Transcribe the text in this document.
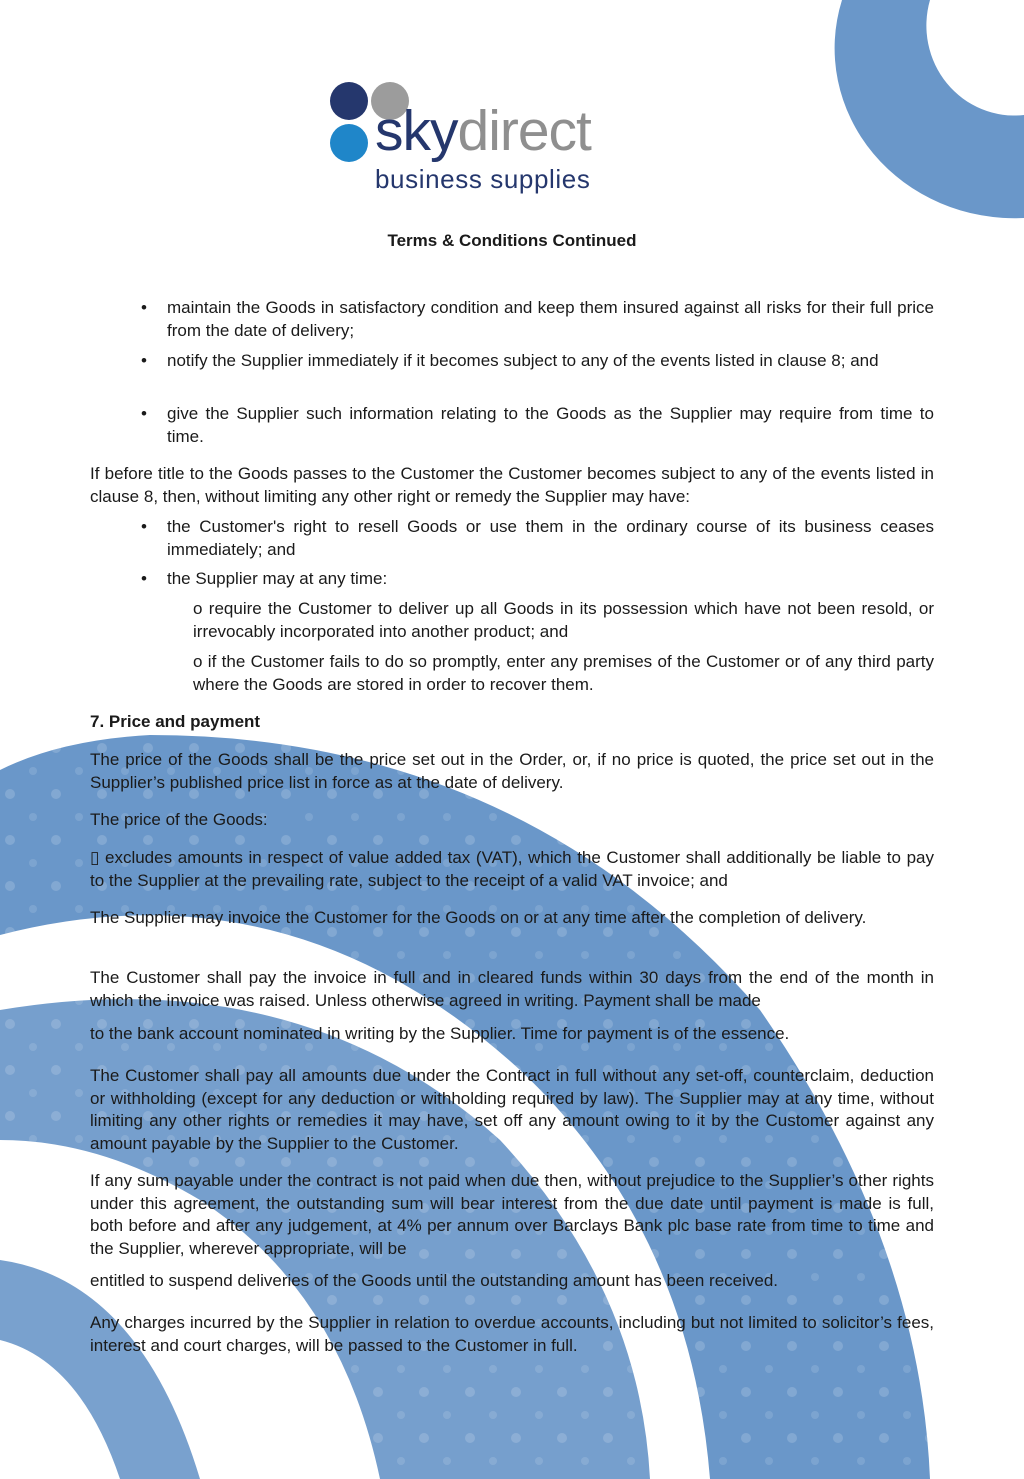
skydirect
business supplies
Terms & Conditions Continued
• maintain the Goods in satisfactory condition and keep them insured against all risks for their full price from the date of delivery;
• notify the Supplier immediately if it becomes subject to any of the events listed in clause 8; and
• give the Supplier such information relating to the Goods as the Supplier may require from time to time.
If before title to the Goods passes to the Customer the Customer becomes subject to any of the events listed in clause 8, then, without limiting any other right or remedy the Supplier may have:
• the Customer's right to resell Goods or use them in the ordinary course of its business ceases immediately; and
• the Supplier may at any time:
o require the Customer to deliver up all Goods in its possession which have not been resold, or irrevocably incorporated into another product; and
o if the Customer fails to do so promptly, enter any premises of the Customer or of any third party where the Goods are stored in order to recover them.
7. Price and payment
The price of the Goods shall be the price set out in the Order, or, if no price is quoted, the price set out in the Supplier’s published price list in force as at the date of delivery.
The price of the Goods:
▯ excludes amounts in respect of value added tax (VAT), which the Customer shall additionally be liable to pay to the Supplier at the prevailing rate, subject to the receipt of a valid VAT invoice; and
The Supplier may invoice the Customer for the Goods on or at any time after the completion of delivery.
The Customer shall pay the invoice in full and in cleared funds within 30 days from the end of the month in which the invoice was raised. Unless otherwise agreed in writing. Payment shall be made
to the bank account nominated in writing by the Supplier. Time for payment is of the essence.
The Customer shall pay all amounts due under the Contract in full without any set-off, counterclaim, deduction or withholding (except for any deduction or withholding required by law). The Supplier may at any time, without limiting any other rights or remedies it may have, set off any amount owing to it by the Customer against any amount payable by the Supplier to the Customer.
If any sum payable under the contract is not paid when due then, without prejudice to the Supplier’s other rights under this agreement, the outstanding sum will bear interest from the due date until payment is made is full, both before and after any judgement, at 4% per annum over Barclays Bank plc base rate from time to time and the Supplier, wherever appropriate, will be
entitled to suspend deliveries of the Goods until the outstanding amount has been received.
Any charges incurred by the Supplier in relation to overdue accounts, including but not limited to solicitor’s fees, interest and court charges, will be passed to the Customer in full.
